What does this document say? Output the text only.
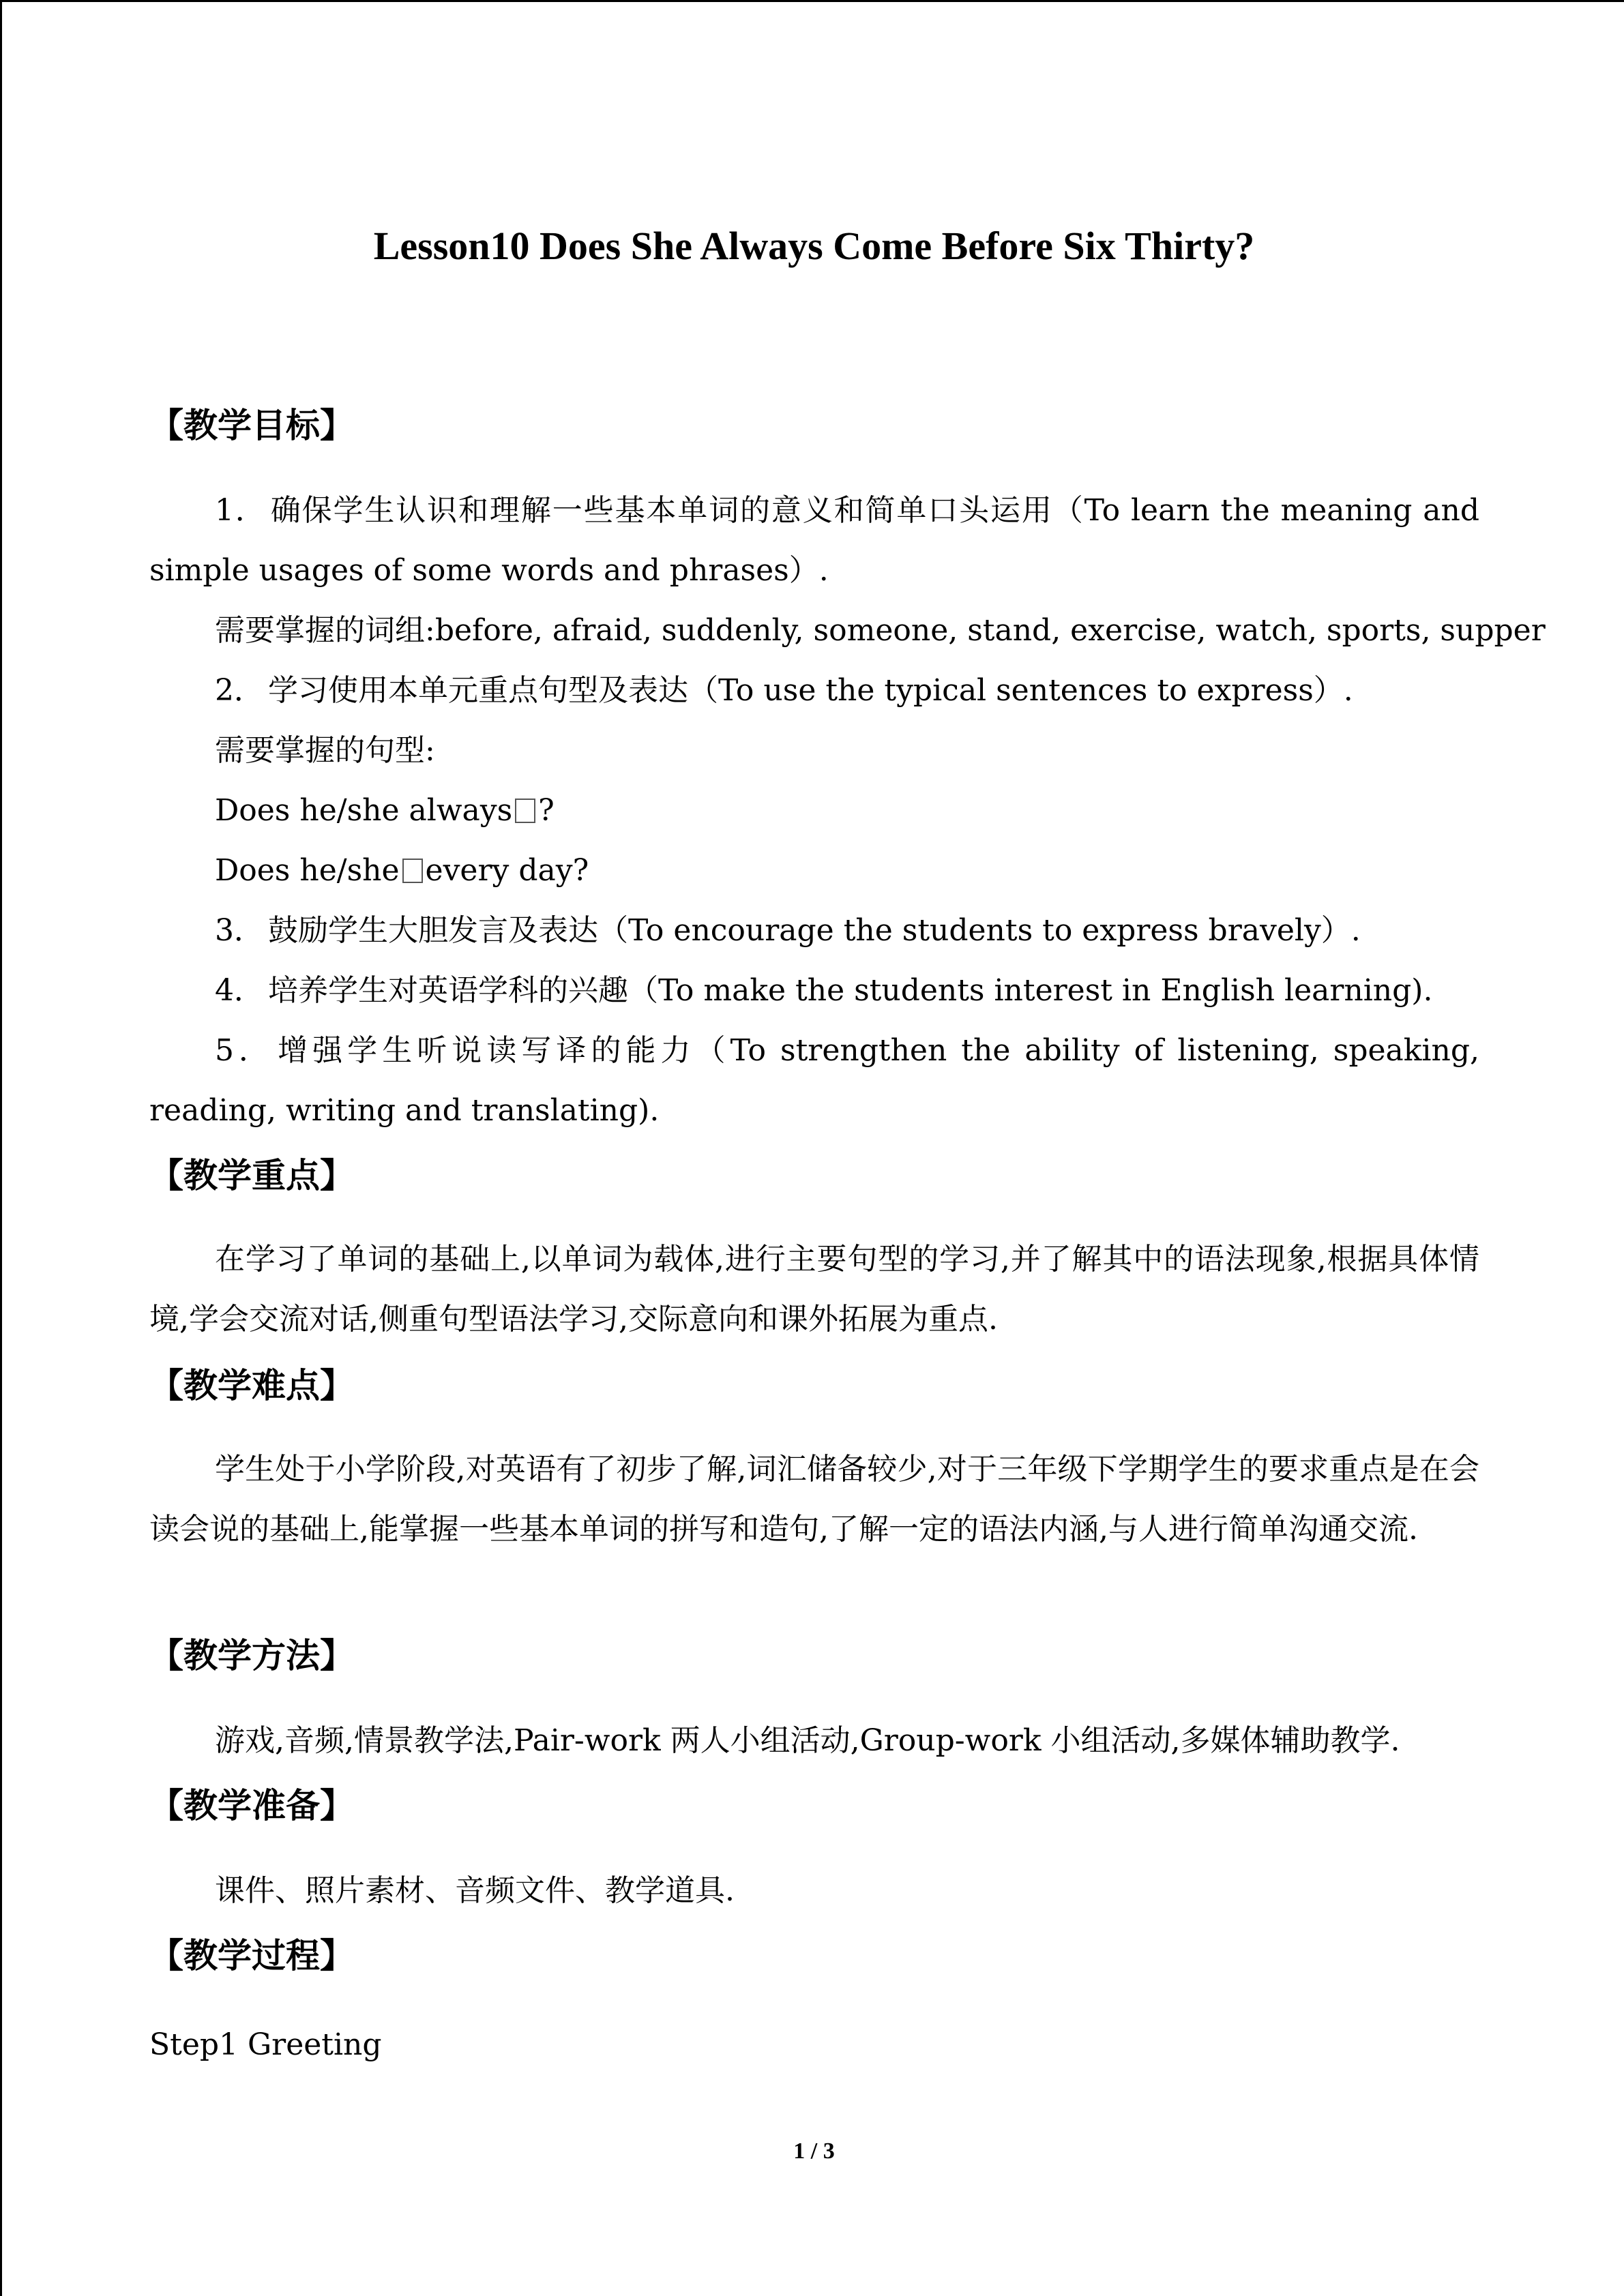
Lesson10 Does She Always Come Before Six Thirty?
【教学目标】
1． 确保学生认识和理解一些基本单词的意义和简单口头运用（To learn the meaning and simple usages of some words and phrases）.
需要掌握的词组:before, afraid, suddenly, someone, stand, exercise, watch, sports, supper
2． 学习使用本单元重点句型及表达（To use the typical sentences to express）.
需要掌握的句型:
Does he/she always ?
Does he/she every day?
3． 鼓励学生大胆发言及表达（To encourage the students to express bravely）.
4． 培养学生对英语学科的兴趣（To make the students interest in English learning).
5． 增强学生听说读写译的能力（To strengthen the ability of listening, speaking, reading, writing and translating).
【教学重点】
在学习了单词的基础上,以单词为载体,进行主要句型的学习,并了解其中的语法现象,根据具体情境,学会交流对话,侧重句型语法学习,交际意向和课外拓展为重点.
【教学难点】
学生处于小学阶段,对英语有了初步了解,词汇储备较少,对于三年级下学期学生的要求重点是在会读会说的基础上,能掌握一些基本单词的拼写和造句,了解一定的语法内涵,与人进行简单沟通交流.
【教学方法】
游戏,音频,情景教学法,Pair-work 两人小组活动,Group-work 小组活动,多媒体辅助教学.
【教学准备】
课件、照片素材、音频文件、教学道具.
【教学过程】
Step1 Greeting
1 / 3
